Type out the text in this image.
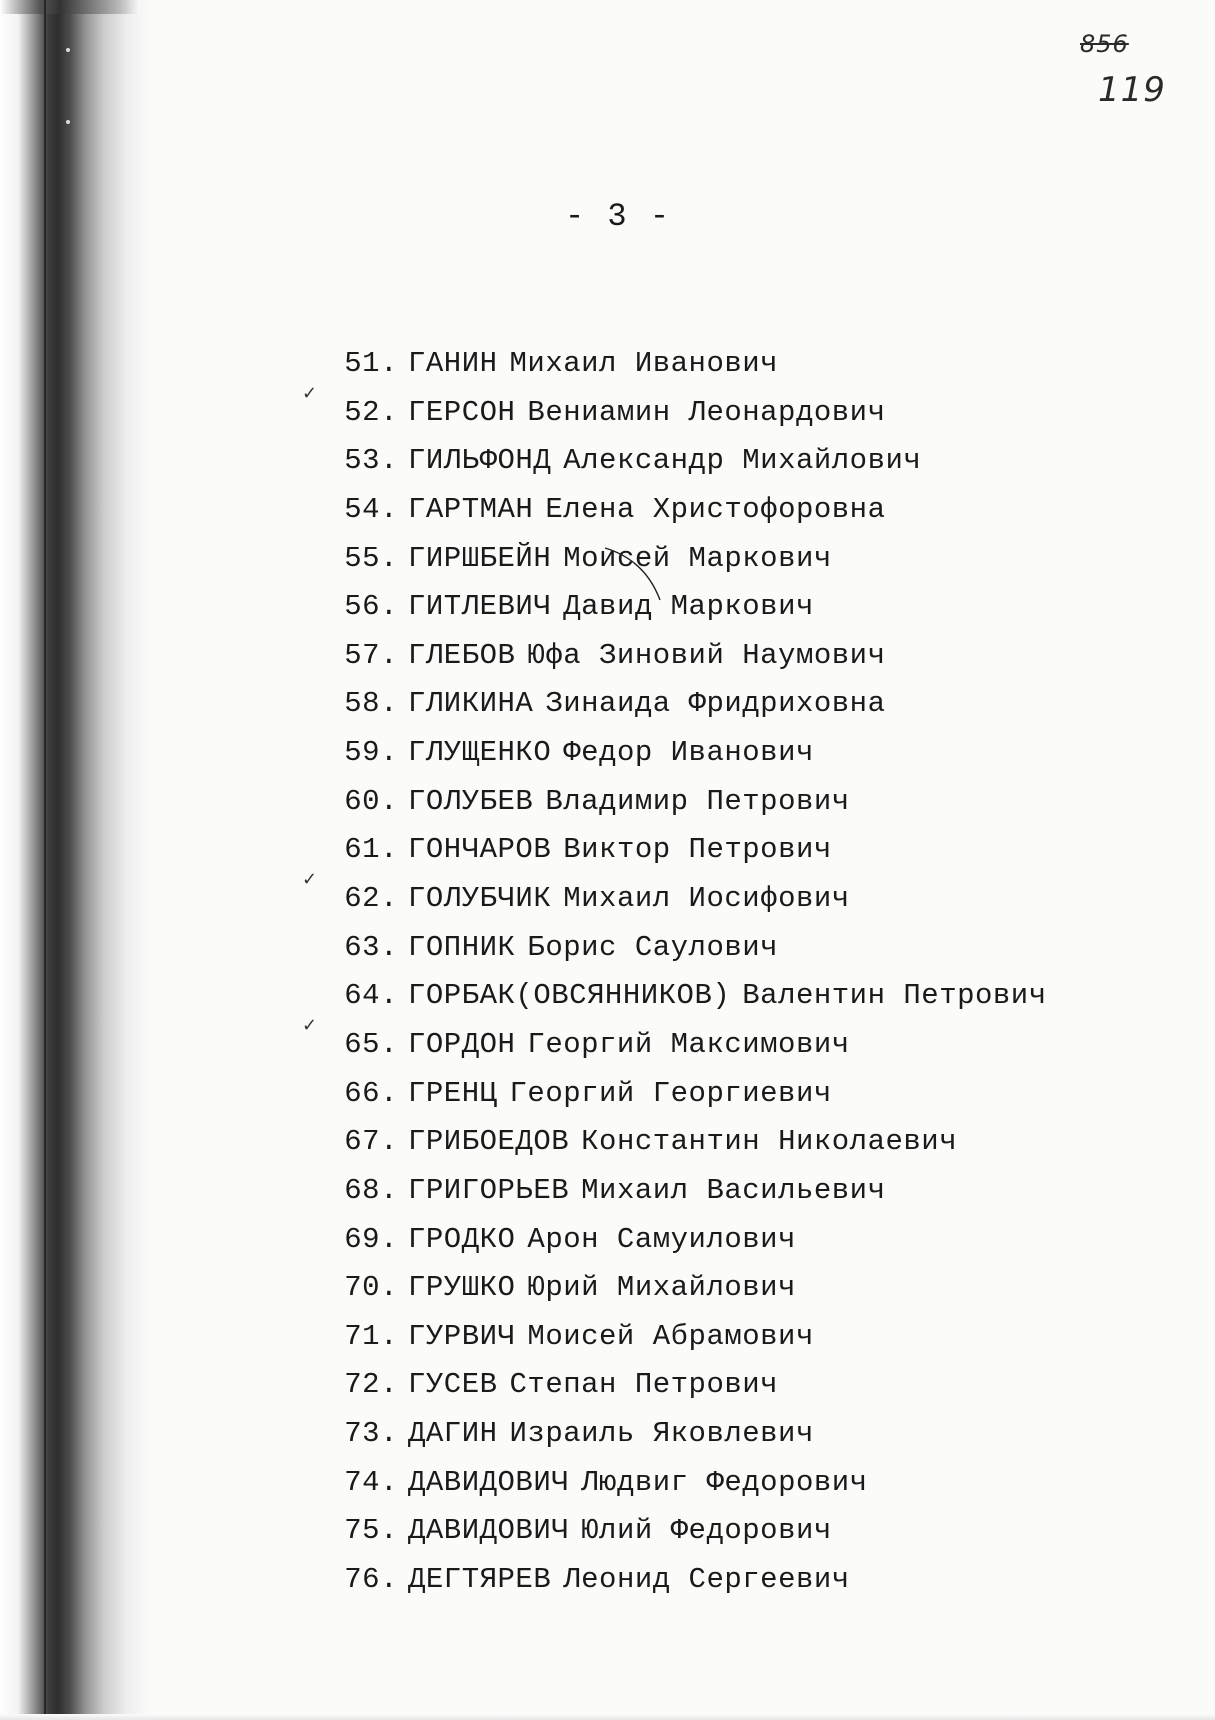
856
119
- 3 -
51. ГАНИН Михаил Иванович
✓
52. ГЕРСОН Вениамин Леонардович
53. ГИЛЬФОНД Александр Михайлович
54. ГАРТМАН Елена Христофоровна
55. ГИРШБЕЙН Моисей Маркович
56. ГИТЛЕВИЧ Давид Маркович
57. ГЛЕБОВ Юфа Зиновий Наумович
58. ГЛИКИНА Зинаида Фридриховна
59. ГЛУЩЕНКО Федор Иванович
60. ГОЛУБЕВ Владимир Петрович
61. ГОНЧАРОВ Виктор Петрович
✓
62. ГОЛУБЧИК Михаил Иосифович
63. ГОПНИК Борис Саулович
64. ГОРБАК(ОВСЯННИКОВ) Валентин Петрович
✓
65. ГОРДОН Георгий Максимович
66. ГРЕНЦ Георгий Георгиевич
67. ГРИБОЕДОВ Константин Николаевич
68. ГРИГОРЬЕВ Михаил Васильевич
69. ГРОДКО Арон Самуилович
70. ГРУШКО Юрий Михайлович
71. ГУРВИЧ Моисей Абрамович
72. ГУСЕВ Степан Петрович
73. ДАГИН Израиль Яковлевич
74. ДАВИДОВИЧ Людвиг Федорович
75. ДАВИДОВИЧ Юлий Федорович
76. ДЕГТЯРЕВ Леонид Сергеевич
